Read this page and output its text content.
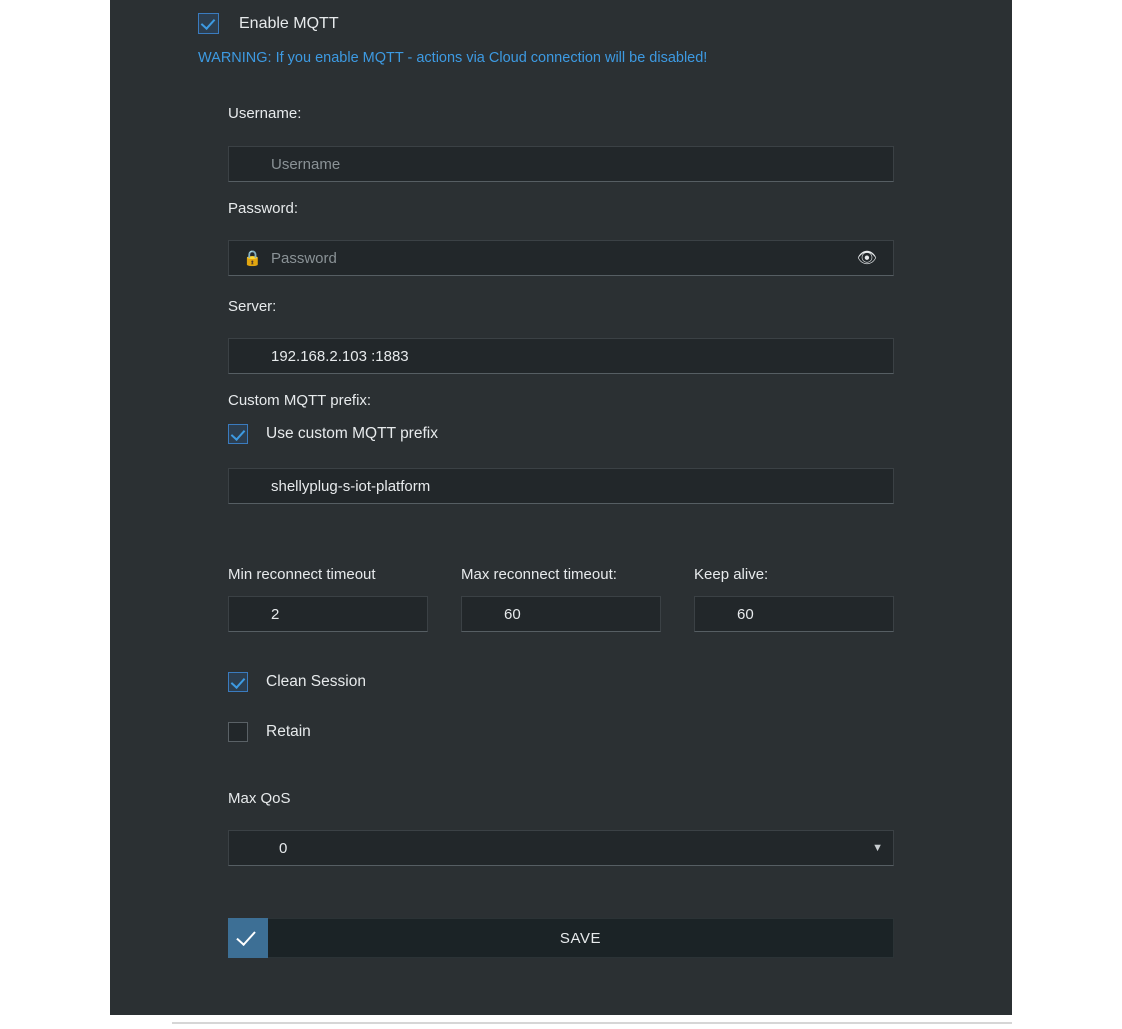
Enable MQTT
WARNING: If you enable MQTT - actions via Cloud connection will be disabled!
Username:
Username
Password:
🔒 Password	👁
Server:
192.168.2.103 :1883
Custom MQTT prefix:
Use custom MQTT prefix
shellyplug-s-iot-platform
Min reconnect timeout
2
Max reconnect timeout:
60
Keep alive:
60
Clean Session
Retain
Max QoS
0	▼
SAVE
